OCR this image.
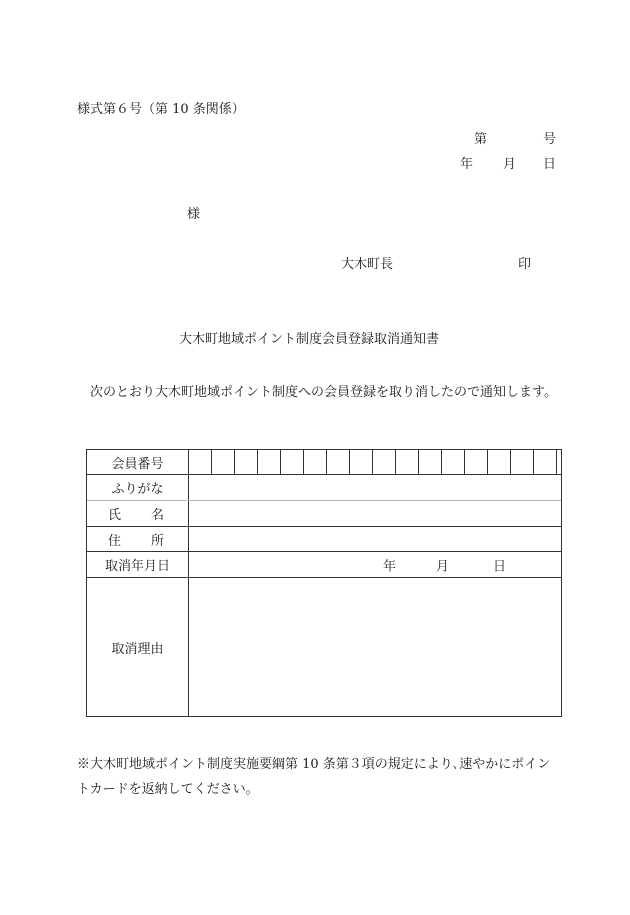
様式第６号（第 10 条関係）
第	号
年 月 日
様
大木町長	印
大木町地域ポイント制度会員登録取消通知書
次のとおり大木町地域ポイント制度への会員登録を取り消したので通知します。
会員番号
ふりがな
氏 名
住 所
取消年月日	年	月	日
取消理由
※大木町地域ポイント制度実施要綱第 10 条第３項の規定により､速やかにポイントカードを返納してください。
